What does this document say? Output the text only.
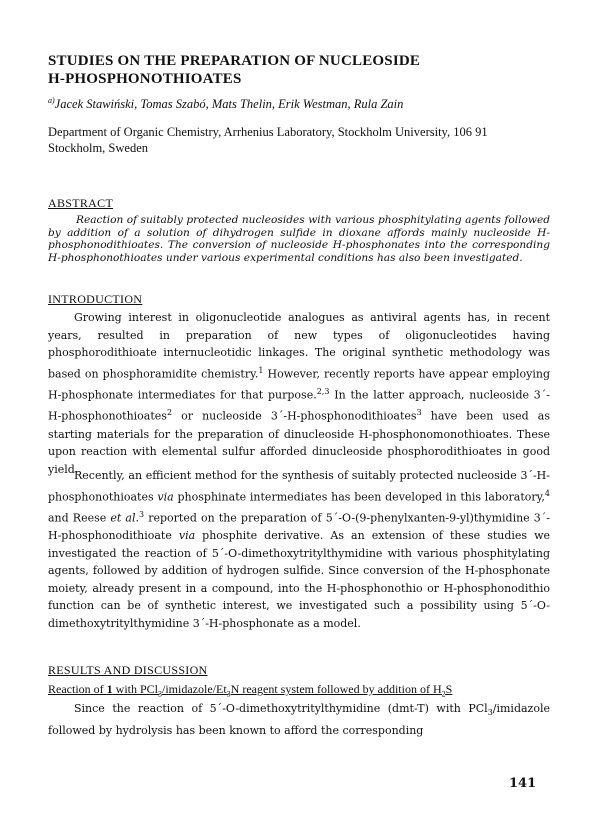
STUDIES ON THE PREPARATION OF NUCLEOSIDE
H-PHOSPHONOTHIOATES
$^{a)}$Jacek Stawiński, Tomas Szabó, Mats Thelin, Erik Westman, Rula Zain
Department of Organic Chemistry, Arrhenius Laboratory, Stockholm University, 106 91
Stockholm, Sweden
ABSTRACT
Reaction of suitably protected nucleosides with various phosphitylating agents followed by addition of a solution of dihydrogen sulfide in dioxane affords mainly nucleoside H-phosphonodithioates. The conversion of nucleoside H-phosphonates into the corresponding H-phosphonothioates under various experimental conditions has also been investigated.
INTRODUCTION
Growing interest in oligonucleotide analogues as antiviral agents has, in recent years, resulted in preparation of new types of oligonucleotides having phosphorodithioate internucleotidic linkages. The original synthetic methodology was based on phosphoramidite chemistry.$^1$ However, recently reports have appear employing H-phosphonate intermediates for that purpose.$^{2,3}$ In the latter approach, nucleoside 3´-H-phosphonothioates$^2$ or nucleoside 3´-H-phosphonodithioates$^3$ have been used as starting materials for the preparation of dinucleoside H-phosphonomonothioates. These upon reaction with elemental sulfur afforded dinucleoside phosphorodithioates in good yield.
Recently, an efficient method for the synthesis of suitably protected nucleoside 3´-H-phosphonothioates via phosphinate intermediates has been developed in this laboratory,$^4$ and Reese et al.$^3$ reported on the preparation of 5´-O-(9-phenylxanten-9-yl)thymidine 3´-H-phosphonodithioate via phosphite derivative. As an extension of these studies we investigated the reaction of 5´-O-dimethoxytritylthymidine with various phosphitylating agents, followed by addition of hydrogen sulfide. Since conversion of the H-phosphonate moiety, already present in a compound, into the H-phosphonothio or H-phosphonodithio function can be of synthetic interest, we investigated such a possibility using 5´-O-dimethoxytritylthymidine 3´-H-phosphonate as a model.
RESULTS AND DISCUSSION
Reaction of 1 with $PCl_3/imidazole/Et_3N$ reagent system followed by addition of $H_2S$
Since the reaction of 5´-O-dimethoxytritylthymidine (dmt-T) with PCl$_3$/imidazole followed by hydrolysis has been known to afford the corresponding
141
